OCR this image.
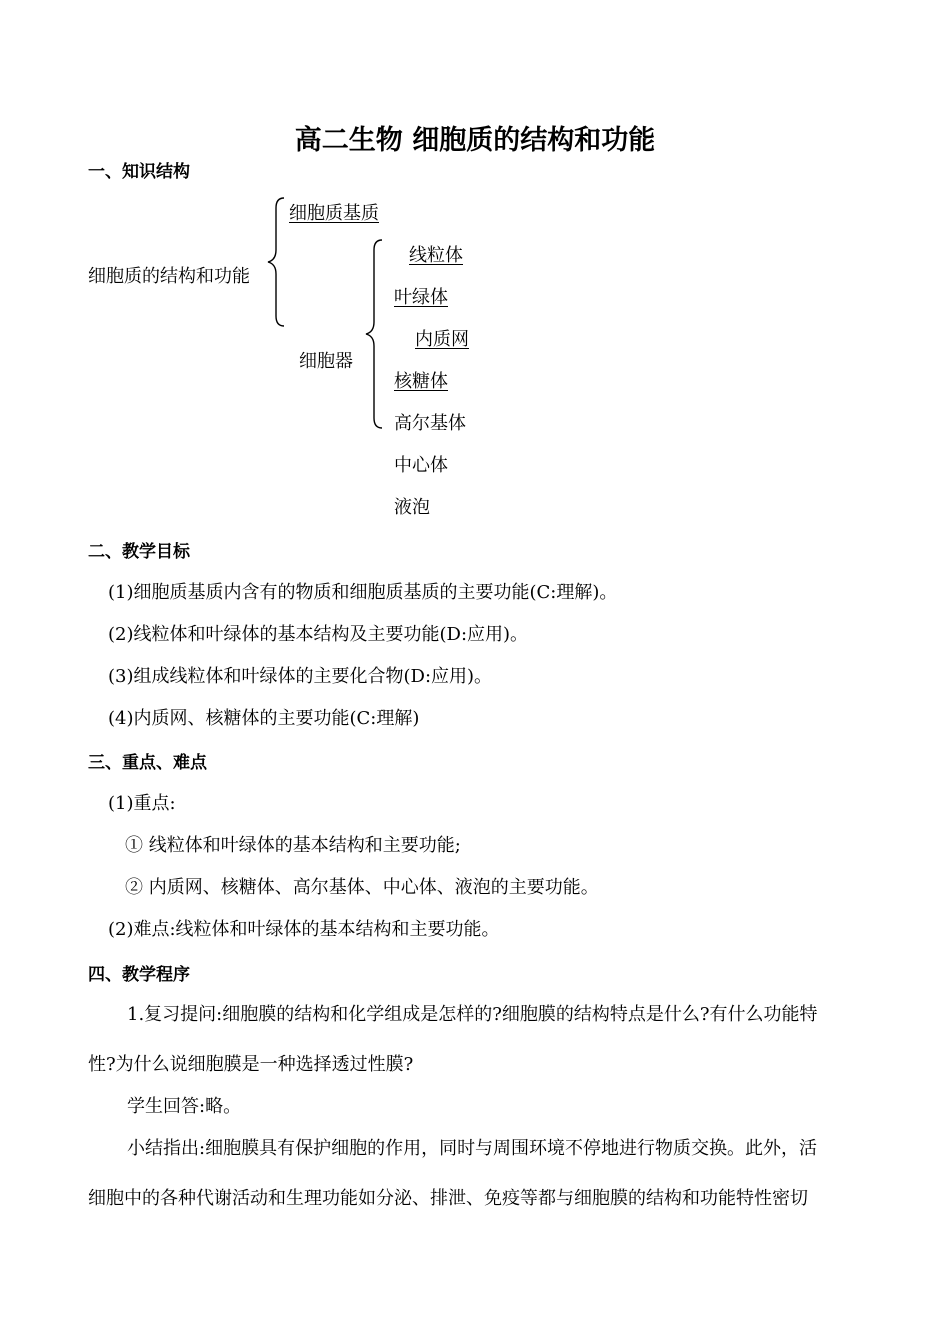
高二生物 细胞质的结构和功能
一、知识结构
细胞质的结构和功能
细胞质基质
细胞器
线粒体
叶绿体
内质网
核糖体
高尔基体
中心体
液泡
二、教学目标
(1)细胞质基质内含有的物质和细胞质基质的主要功能(C:理解)。
(2)线粒体和叶绿体的基本结构及主要功能(D:应用)。
(3)组成线粒体和叶绿体的主要化合物(D:应用)。
(4)内质网、核糖体的主要功能(C:理解)
三、重点、难点
(1)重点:
① 线粒体和叶绿体的基本结构和主要功能;
② 内质网、核糖体、高尔基体、中心体、液泡的主要功能。
(2)难点:线粒体和叶绿体的基本结构和主要功能。
四、教学程序
1.复习提问:细胞膜的结构和化学组成是怎样的?细胞膜的结构特点是什么?有什么功能特
性?为什么说细胞膜是一种选择透过性膜?
学生回答:略。
小结指出:细胞膜具有保护细胞的作用，同时与周围环境不停地进行物质交换。此外，活
细胞中的各种代谢活动和生理功能如分泌、排泄、免疫等都与细胞膜的结构和功能特性密切
